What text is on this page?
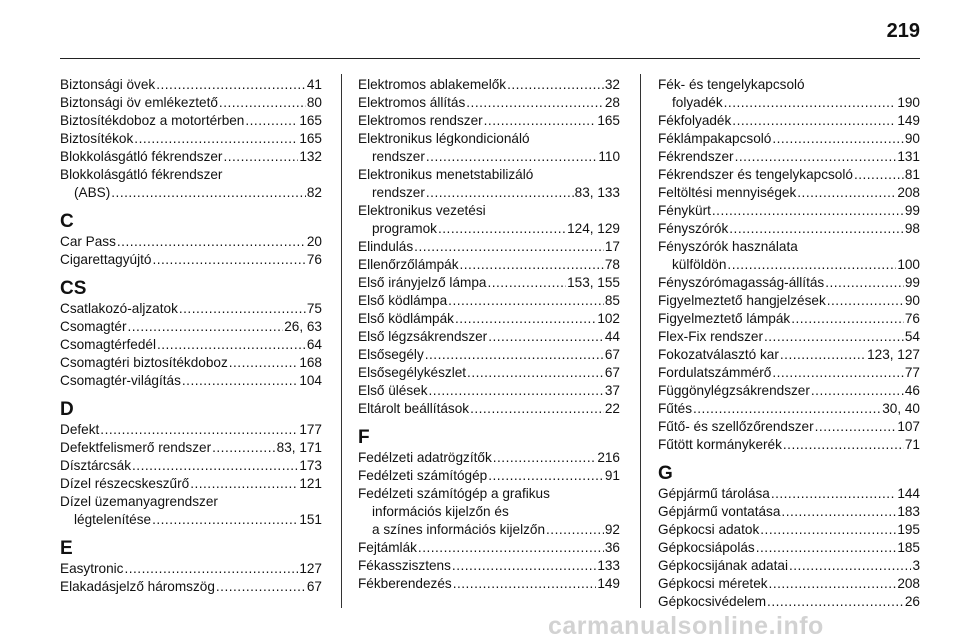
219
Biztonsági övek .....	41
Biztonsági öv emlékeztető .....	80
Biztosítékdoboz a motortérben .....	165
Biztosítékok .....	165
Blokkolásgátló fékrendszer .....	132
Blokkolásgátló fékrendszer
(ABS) .....	82
C
Car Pass .....	20
Cigarettagyújtó .....	76
CS
Csatlakozó-aljzatok .....	75
Csomagtér .....	26, 63
Csomagtérfedél .....	64
Csomagtéri biztosítékdoboz .....	168
Csomagtér-világítás .....	104
D
Defekt .....	177
Defektfelismerő rendszer .....	83, 171
Dísztárcsák .....	173
Dízel részecskeszűrő .....	121
Dízel üzemanyagrendszer
légtelenítése .....	151
E
Easytronic .....	127
Elakadásjelző háromszög .....	67
Elektromos ablakemelők .....	32
Elektromos állítás .....	28
Elektromos rendszer .....	165
Elektronikus légkondicionáló
rendszer .....	110
Elektronikus menetstabilizáló
rendszer .....	83, 133
Elektronikus vezetési
programok .....	124, 129
Elindulás .....	17
Ellenőrzőlámpák .....	78
Első irányjelző lámpa .....	153, 155
Első ködlámpa .....	85
Első ködlámpák .....	102
Első légzsákrendszer .....	44
Elsősegély .....	67
Elsősegélykészlet .....	67
Első ülések .....	37
Eltárolt beállítások .....	22
F
Fedélzeti adatrögzítők .....	216
Fedélzeti számítógép .....	91
Fedélzeti számítógép a grafikus
információs kijelzőn és
a színes információs kijelzőn .....	92
Fejtámlák .....	36
Fékasszisztens .....	133
Fékberendezés .....	149
Fék- és tengelykapcsoló
folyadék .....	190
Fékfolyadék .....	149
Féklámpakapcsoló .....	90
Fékrendszer .....	131
Fékrendszer és tengelykapcsoló .....	81
Feltöltési mennyiségek .....	208
Fénykürt .....	99
Fényszórók .....	98
Fényszórók használata
külföldön .....	100
Fényszórómagasság-állítás .....	99
Figyelmeztető hangjelzések .....	90
Figyelmeztető lámpák .....	76
Flex-Fix rendszer .....	54
Fokozatválasztó kar .....	123, 127
Fordulatszámmérő .....	77
Függönylégzsákrendszer .....	46
Fűtés .....	30, 40
Fűtő- és szellőzőrendszer .....	107
Fűtött kormánykerék .....	71
G
Gépjármű tárolása .....	144
Gépjármű vontatása .....	183
Gépkocsi adatok .....	195
Gépkocsiápolás .....	185
Gépkocsijának adatai .....	3
Gépkocsi méretek .....	208
Gépkocsivédelem .....	26
carmanualsonline.info
